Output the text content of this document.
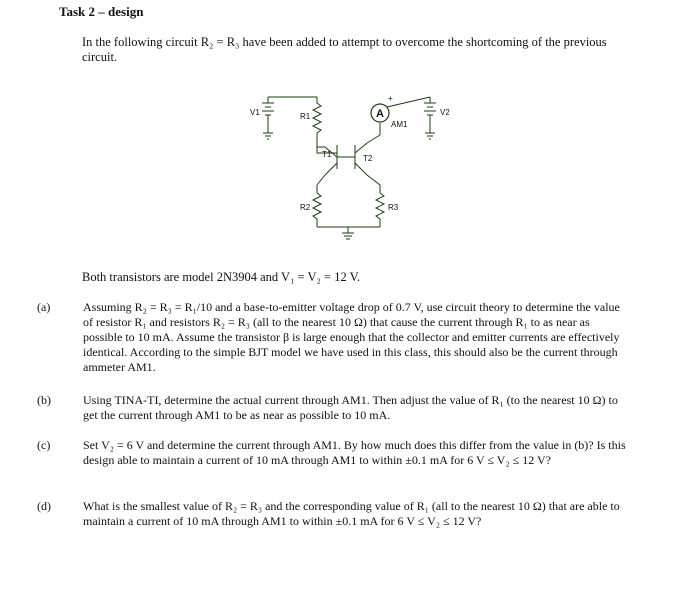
Task 2 – design
In the following circuit R₂ = R₃ have been added to attempt to overcome the shortcoming of the previous circuit.
A
V1	R1
R2	R3
T1	T2
AM1
V2
+
Both transistors are model 2N3904 and V₁ = V₂ = 12 V.
(a)	Assuming R₂ = R₃ = R₁/10 and a base-to-emitter voltage drop of 0.7 V, use circuit theory to determine the value of resistor R₁ and resistors R₂ = R₃ (all to the nearest 10 Ω) that cause the current through R₁ to as near as possible to 10 mA. Assume the transistor β is large enough that the collector and emitter currents are effectively identical. According to the simple BJT model we have used in this class, this should also be the current through ammeter AM1.
(b)	Using TINA-TI, determine the actual current through AM1. Then adjust the value of R₁ (to the nearest 10 Ω) to get the current through AM1 to be as near as possible to 10 mA.
(c)	Set V₂ = 6 V and determine the current through AM1. By how much does this differ from the value in (b)? Is this design able to maintain a current of 10 mA through AM1 to within ±0.1 mA for 6 V ≤ V₂ ≤ 12 V?
(d)	What is the smallest value of R₂ = R₃ and the corresponding value of R₁ (all to the nearest 10 Ω) that are able to maintain a current of 10 mA through AM1 to within ±0.1 mA for 6 V ≤ V₂ ≤ 12 V?
